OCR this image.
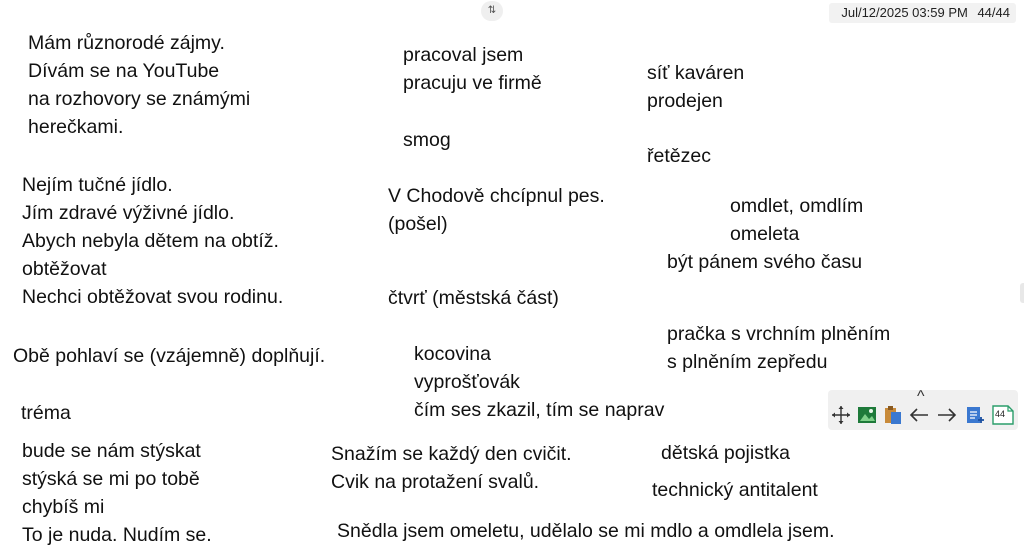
⇅	Jul/12/2025 03:59 PM 44/44
Mám různorodé zájmy.
Dívám se na YouTube
na rozhovory se známými
herečkami.
pracoval jsem
pracuju ve firmě	síť kaváren
prodejen
smog
řetězec
Nejím tučné jídlo.
Jím zdravé výživné jídlo.
Abych nebyla dětem na obtíž.
obtěžovat
Nechci obtěžovat svou rodinu.
V Chodově chcípnul pes.
(pošel)
omdlet, omdlím
omeleta
být pánem svého času
čtvrť (městská část)
pračka s vrchním plněním
s plněním zepředu
Obě pohlaví se (vzájemně) doplňují.	kocovina
vyprošťovák
čím ses zkazil, tím se naprav
tréma
bude se nám stýskat
stýská se mi po tobě
chybíš mi
To je nuda. Nudím se.
Snažím se každý den cvičit.
Cvik na protažení svalů.
dětská pojistka
technický antitalent
Snědla jsem omeletu, udělalo se mi mdlo a omdlela jsem.
^
44
